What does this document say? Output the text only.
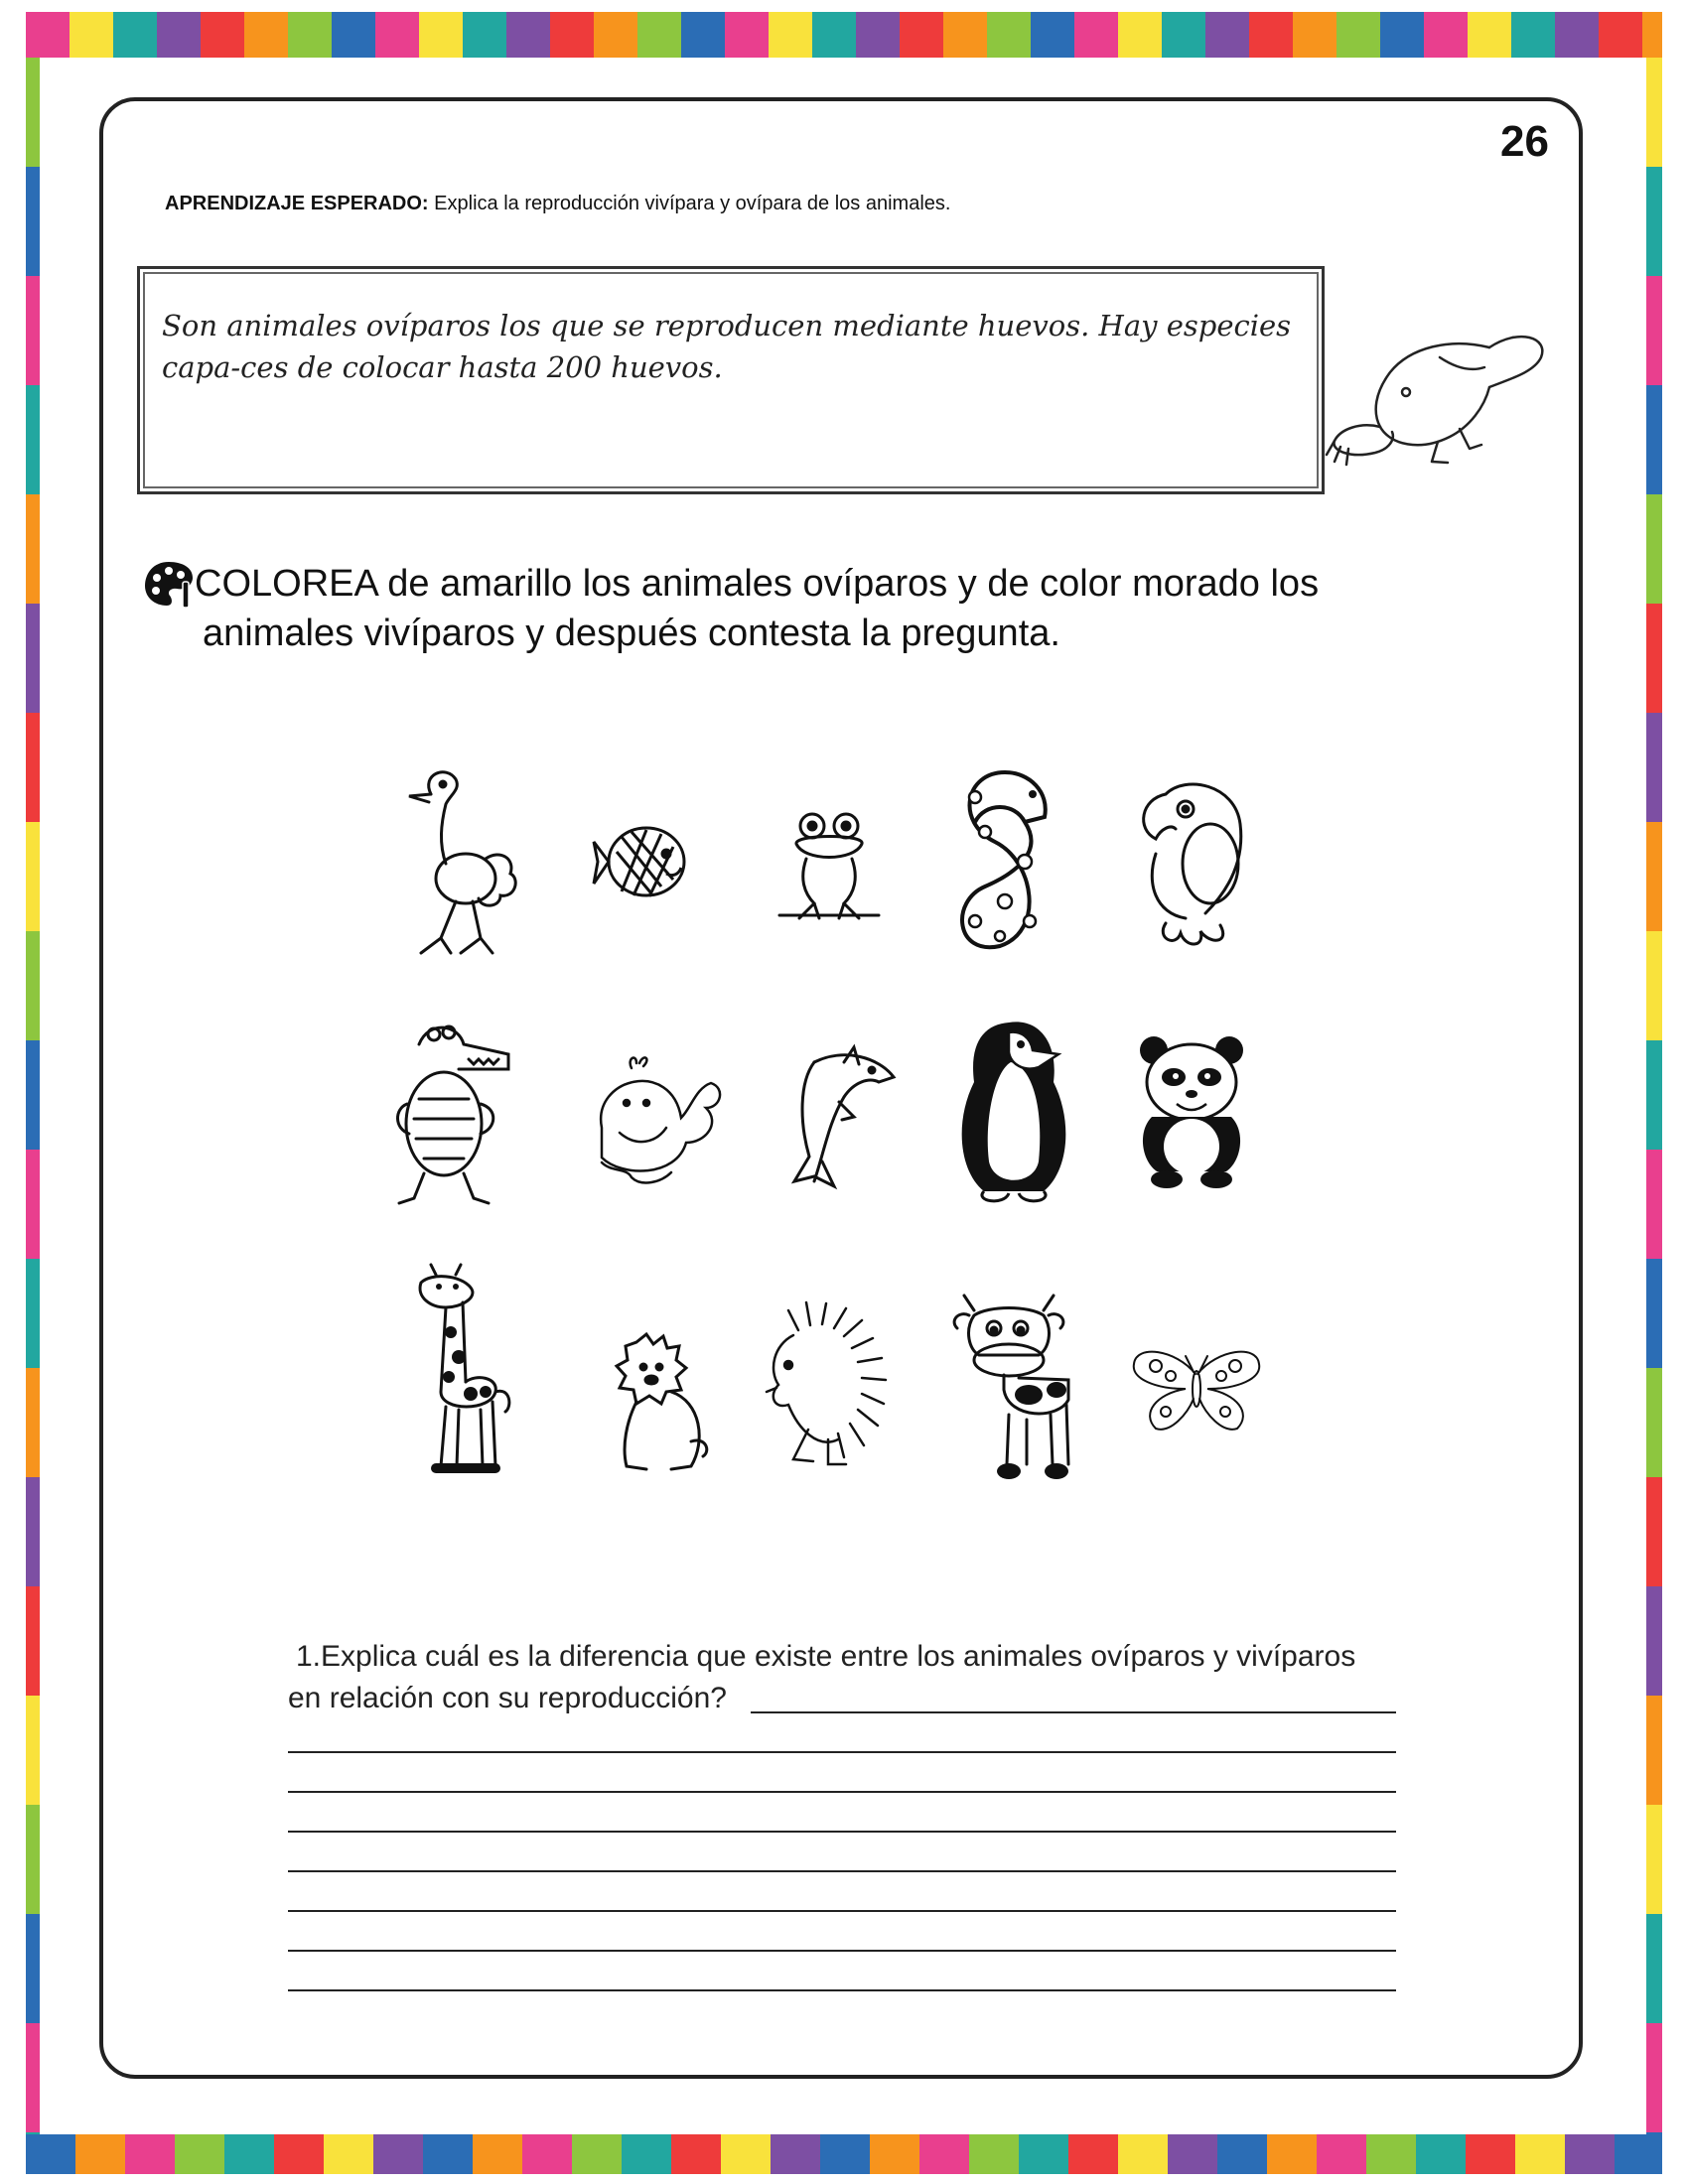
26
APRENDIZAJE ESPERADO: Explica la reproducción vivípara y ovípara de los animales.
Son animales ovíparos los que se reproducen mediante huevos. Hay especies capa-ces de colocar hasta 200 huevos.
COLOREA de amarillo los animales ovíparos y de color morado los
animales vivíparos y después contesta la pregunta.
1.Explica cuál es la diferencia que existe entre los animales ovíparos y vivíparos
en relación con su reproducción?
